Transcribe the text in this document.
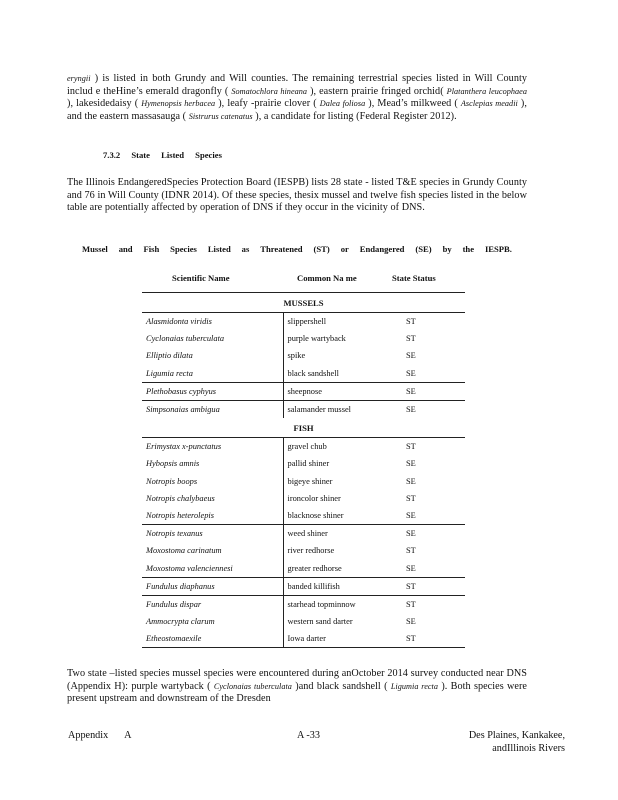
eryngii ) is listed in both Grundy and Will counties. The remaining terrestrial species listed in Will County includ e theHine’s emerald dragonfly ( Somatochlora hineana ), eastern prairie fringed orchid( Platanthera leucophaea ), lakesidedaisy ( Hymenopsis herbacea ), leafy -prairie clover ( Dalea foliosa ), Mead’s milkweed ( Asclepias meadii ), and the eastern massasauga ( Sistrurus catenatus ), a candidate for listing (Federal Register 2012).

7.3.2 State Listed Species

The Illinois EndangeredSpecies Protection Board (IESPB) lists 28 state - listed T&E species in Grundy County and 76 in Will County (IDNR 2014). Of these species, thesix mussel and twelve fish species listed in the below table are potentially affected by operation of DNS if they occur in the vicinity of DNS.

Mussel and Fish Species Listed as Threatened (ST) or Endangered (SE) by the IESPB.
Scientific Name	Common Na me	State Status
MUSSELS		
Alasmidonta viridis	slippershell	ST
Cyclonaias tuberculata	purple wartyback	ST
Elliptio dilata	spike	SE
Ligumia recta	black sandshell	SE
Plethobasus cyphyus	sheepnose	SE
Simpsonaias ambigua	salamander mussel	SE
FISH		
Erimystax x-punctatus	gravel chub	ST
Hybopsis amnis	pallid shiner	SE
Notropis boops	bigeye shiner	SE
Notropis chalybaeus	ironcolor shiner	ST
Notropis heterolepis	blacknose shiner	SE
Notropis texanus	weed shiner	SE
Moxostoma carinatum	river redhorse	ST
Moxostoma valenciennesi	greater redhorse	SE
Fundulus diaphanus	banded killifish	ST
Fundulus dispar	starhead topminnow	ST
Ammocrypta clarum	western sand darter	SE
Etheostomaexile	Iowa darter	ST

Two state –listed species mussel species were encountered during anOctober 2014 survey conducted near DNS (Appendix H): purple wartyback ( Cyclonaias tuberculata )and black sandshell ( Ligumia recta ). Both species were present upstream and downstream of the Dresden

Appendix A	A -33	Des Plaines, Kankakee,
andIllinois Rivers
